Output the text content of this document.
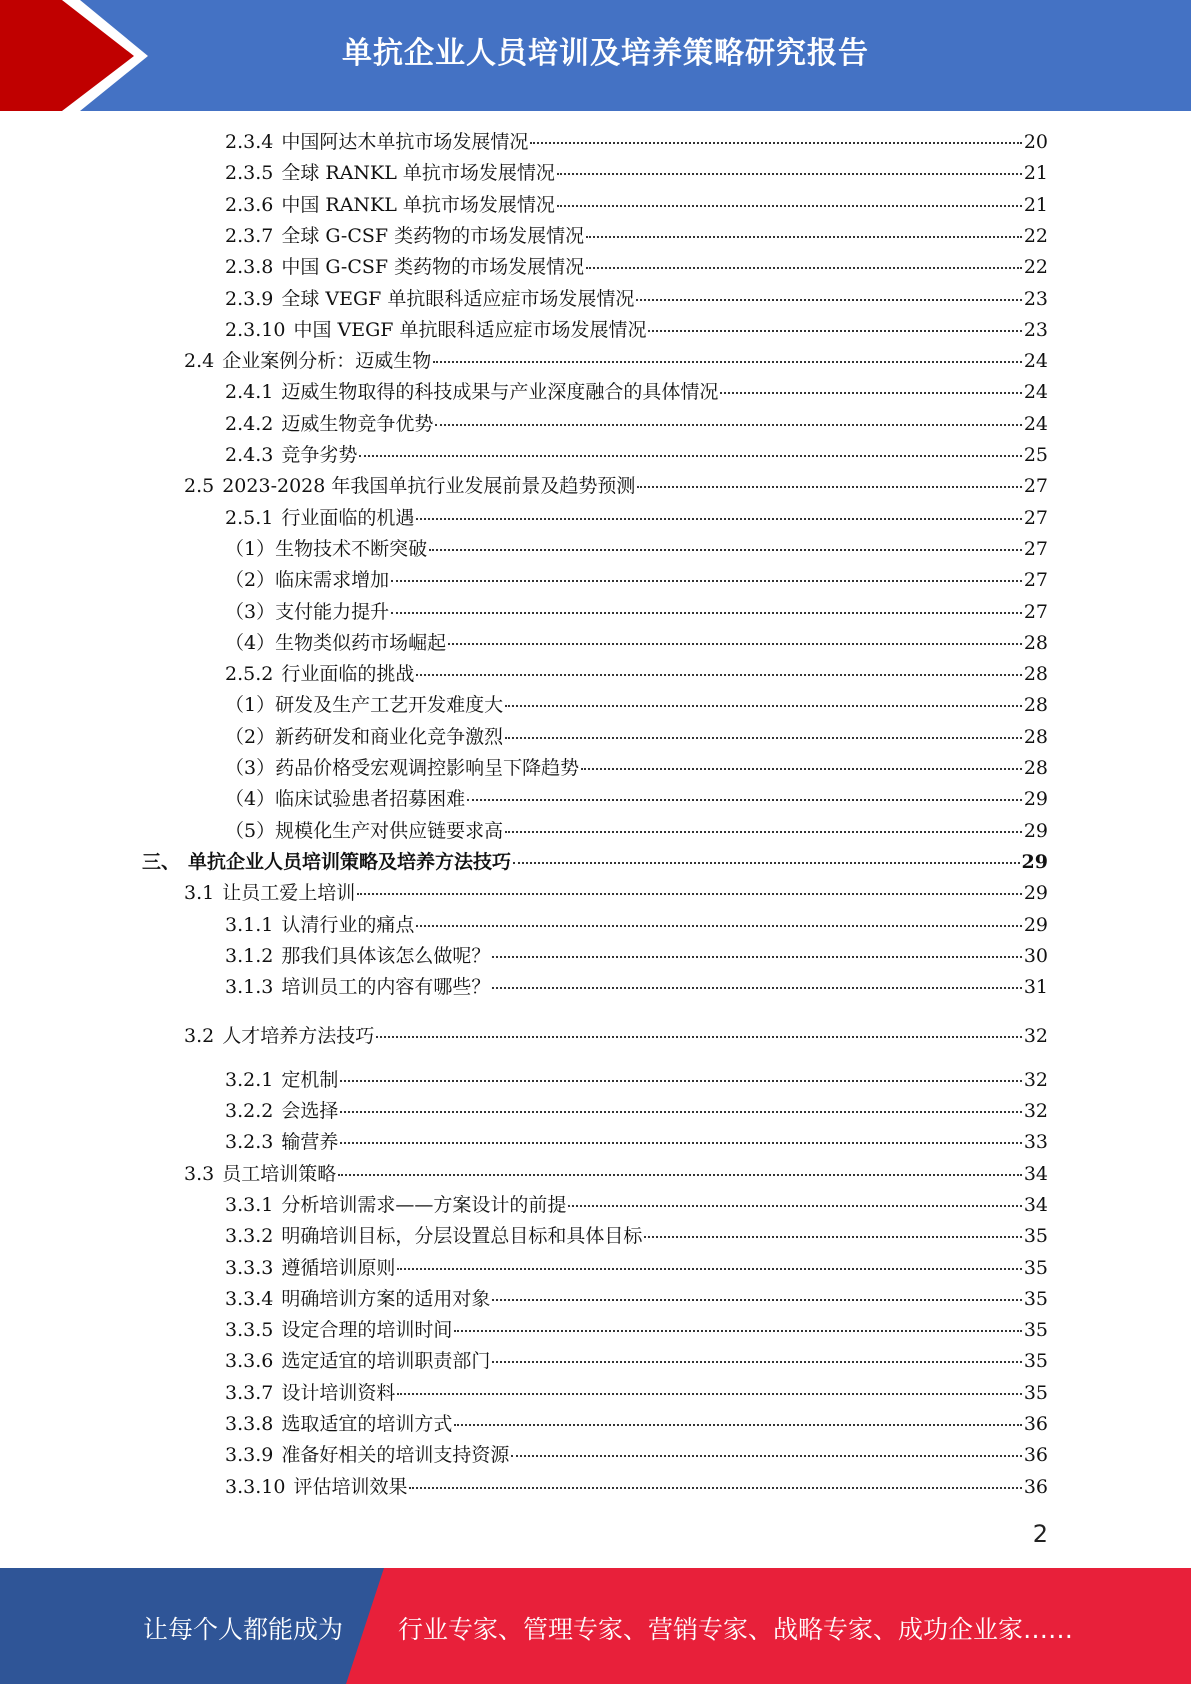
单抗企业人员培训及培养策略研究报告
2.3.4 中国阿达木单抗市场发展情况	20
2.3.5 全球 RANKL 单抗市场发展情况	21
2.3.6 中国 RANKL 单抗市场发展情况	21
2.3.7 全球 G-CSF 类药物的市场发展情况	22
2.3.8 中国 G-CSF 类药物的市场发展情况	22
2.3.9 全球 VEGF 单抗眼科适应症市场发展情况	23
2.3.10 中国 VEGF 单抗眼科适应症市场发展情况	23
2.4 企业案例分析：迈威生物	24
2.4.1 迈威生物取得的科技成果与产业深度融合的具体情况	24
2.4.2 迈威生物竞争优势	24
2.4.3 竞争劣势	25
2.5 2023-2028 年我国单抗行业发展前景及趋势预测	27
2.5.1 行业面临的机遇	27
（1） 生物技术不断突破	27
（2） 临床需求增加	27
（3） 支付能力提升	27
（4） 生物类似药市场崛起	28
2.5.2 行业面临的挑战	28
（1） 研发及生产工艺开发难度大	28
（2） 新药研发和商业化竞争激烈	28
（3） 药品价格受宏观调控影响呈下降趋势	28
（4） 临床试验患者招募困难	29
（5） 规模化生产对供应链要求高	29
三、 单抗企业人员培训策略及培养方法技巧	29
3.1 让员工爱上培训	29
3.1.1 认清行业的痛点	29
3.1.2 那我们具体该怎么做呢？	30
3.1.3 培训员工的内容有哪些？	31
3.2 人才培养方法技巧	32
3.2.1 定机制	32
3.2.2 会选择	32
3.2.3 输营养	33
3.3 员工培训策略	34
3.3.1 分析培训需求——方案设计的前提	34
3.3.2 明确培训目标，分层设置总目标和具体目标	35
3.3.3 遵循培训原则	35
3.3.4 明确培训方案的适用对象	35
3.3.5 设定合理的培训时间	35
3.3.6 选定适宜的培训职责部门	35
3.3.7 设计培训资料	35
3.3.8 选取适宜的培训方式	36
3.3.9 准备好相关的培训支持资源	36
3.3.10 评估培训效果	36
2
让每个人都能成为 行业专家、管理专家、营销专家、战略专家、成功企业家……
